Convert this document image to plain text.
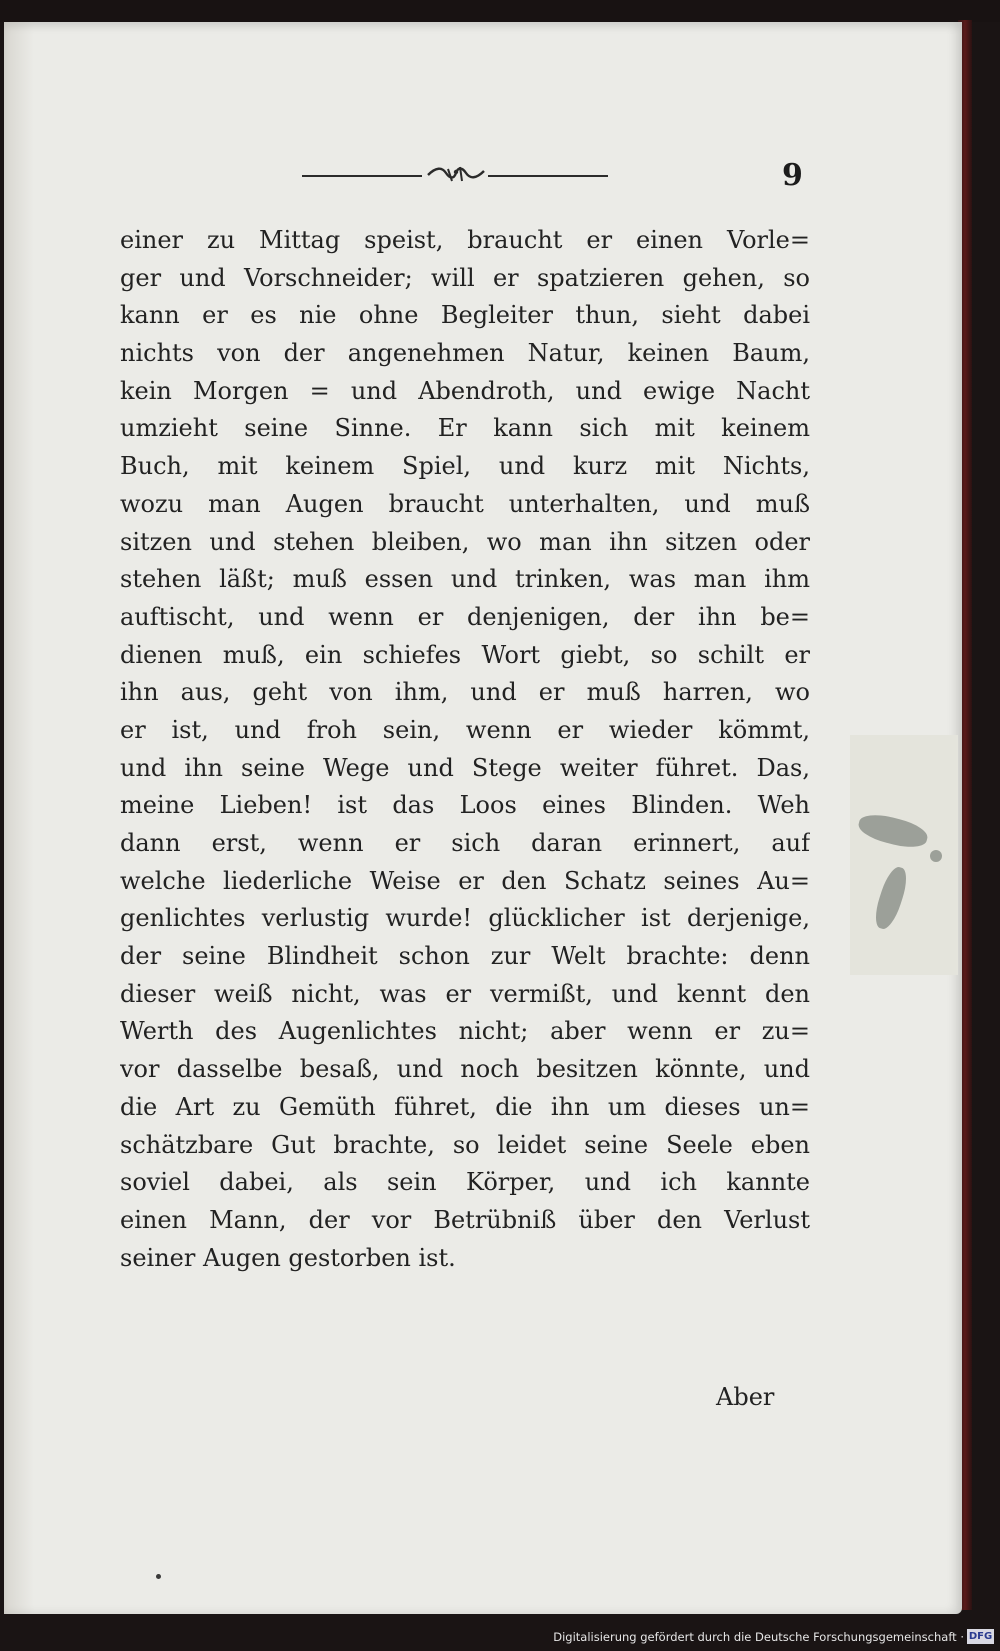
9
einer zu Mittag speist, braucht er einen Vorle=
ger und Vorschneider; will er spatzieren gehen, so
kann er es nie ohne Begleiter thun, sieht dabei
nichts von der angenehmen Natur, keinen Baum,
kein Morgen = und Abendroth, und ewige Nacht
umzieht seine Sinne. Er kann sich mit keinem
Buch, mit keinem Spiel, und kurz mit Nichts,
wozu man Augen braucht unterhalten, und muß
sitzen und stehen bleiben, wo man ihn sitzen oder
stehen läßt; muß essen und trinken, was man ihm
auftischt, und wenn er denjenigen, der ihn be=
dienen muß, ein schiefes Wort giebt, so schilt er
ihn aus, geht von ihm, und er muß harren, wo
er ist, und froh sein, wenn er wieder kömmt,
und ihn seine Wege und Stege weiter führet. Das,
meine Lieben! ist das Loos eines Blinden. Weh
dann erst, wenn er sich daran erinnert, auf
welche liederliche Weise er den Schatz seines Au=
genlichtes verlustig wurde! glücklicher ist derjenige,
der seine Blindheit schon zur Welt brachte: denn
dieser weiß nicht, was er vermißt, und kennt den
Werth des Augenlichtes nicht; aber wenn er zu=
vor dasselbe besaß, und noch besitzen könnte, und
die Art zu Gemüth führet, die ihn um dieses un=
schätzbare Gut brachte, so leidet seine Seele eben
soviel dabei, als sein Körper, und ich kannte
einen Mann, der vor Betrübniß über den Verlust
seiner Augen gestorben ist.
Aber
Digitalisierung gefördert durch die Deutsche Forschungsgemeinschaft · DFG
